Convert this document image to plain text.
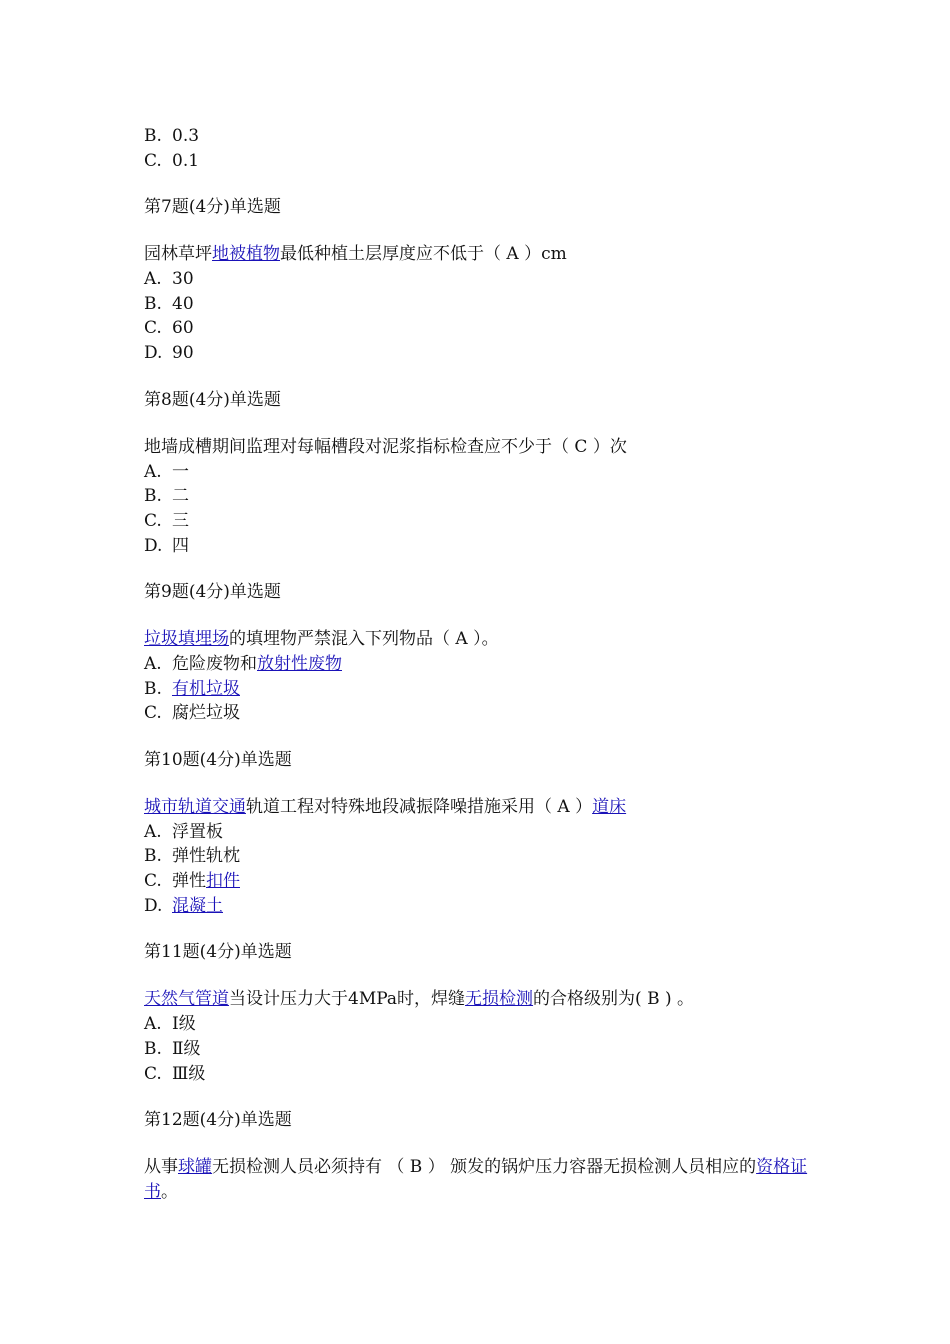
B. 0.3
C. 0.1
第7题(4分)单选题
园林草坪地被植物最低种植土层厚度应不低于（ A ）cm
A. 30
B. 40
C. 60
D. 90
第8题(4分)单选题
地墙成槽期间监理对每幅槽段对泥浆指标检查应不少于（ C ）次
A. 一
B. 二
C. 三
D. 四
第9题(4分)单选题
垃圾填埋场的填埋物严禁混入下列物品（ A ）。
A. 危险废物和放射性废物
B. 有机垃圾
C. 腐烂垃圾
第10题(4分)单选题
城市轨道交通轨道工程对特殊地段减振降噪措施采用（ A ）道床
A. 浮置板
B. 弹性轨枕
C. 弹性扣件
D. 混凝土
第11题(4分)单选题
天然气管道当设计压力大于4MPa时，焊缝无损检测的合格级别为( B ) 。
A. Ⅰ级
B. Ⅱ级
C. Ⅲ级
第12题(4分)单选题
从事球罐无损检测人员必须持有 （ B ） 颁发的锅炉压力容器无损检测人员相应的资格证书。
